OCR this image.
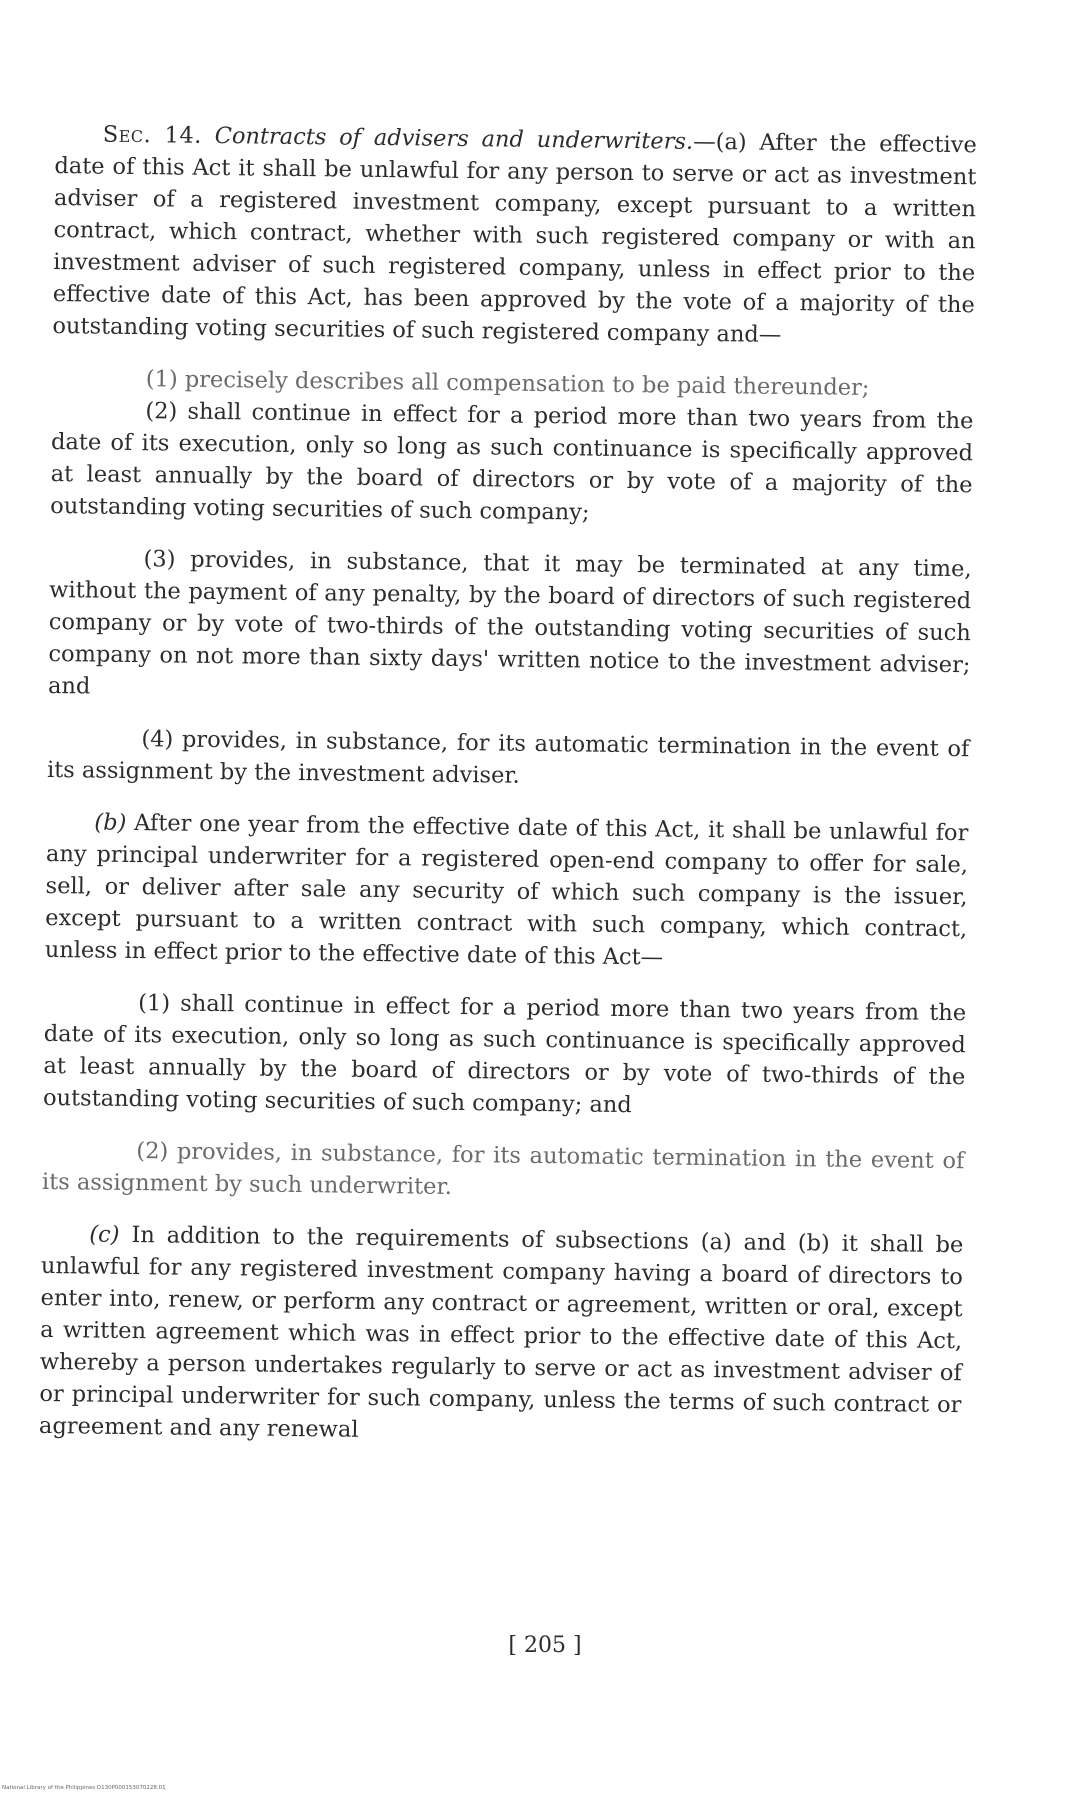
Sec. 14. Contracts of advisers and underwriters.—(a) After the effective date of this Act it shall be unlawful for any person to serve or act as investment adviser of a registered investment company, except pursuant to a written contract, which contract, whether with such registered company or with an investment adviser of such registered company, unless in effect prior to the effective date of this Act, has been approved by the vote of a majority of the outstanding voting securities of such registered company and—

(1) precisely describes all compensation to be paid thereunder;

(2) shall continue in effect for a period more than two years from the date of its execution, only so long as such continuance is specifically approved at least annually by the board of directors or by vote of a majority of the outstanding voting securities of such company;

(3) provides, in substance, that it may be terminated at any time, without the payment of any penalty, by the board of directors of such registered company or by vote of two-thirds of the outstanding voting securities of such company on not more than sixty days' written notice to the investment adviser; and

(4) provides, in substance, for its automatic termination in the event of its assignment by the investment adviser.

(b) After one year from the effective date of this Act, it shall be unlawful for any principal underwriter for a registered open-end company to offer for sale, sell, or deliver after sale any security of which such company is the issuer, except pursuant to a written contract with such company, which contract, unless in effect prior to the effective date of this Act—

(1) shall continue in effect for a period more than two years from the date of its execution, only so long as such continuance is specifically approved at least annually by the board of directors or by vote of two-thirds of the outstanding voting securities of such company; and

(2) provides, in substance, for its automatic termination in the event of its assignment by such underwriter.

(c) In addition to the requirements of subsections (a) and (b) it shall be unlawful for any registered investment company having a board of directors to enter into, renew, or perform any contract or agreement, written or oral, except a written agreement which was in effect prior to the effective date of this Act, whereby a person undertakes regularly to serve or act as investment adviser of or principal underwriter for such company, unless the terms of such contract or agreement and any renewal

[ 205 ]
National Library of the Philippines D130P000153070228.01
